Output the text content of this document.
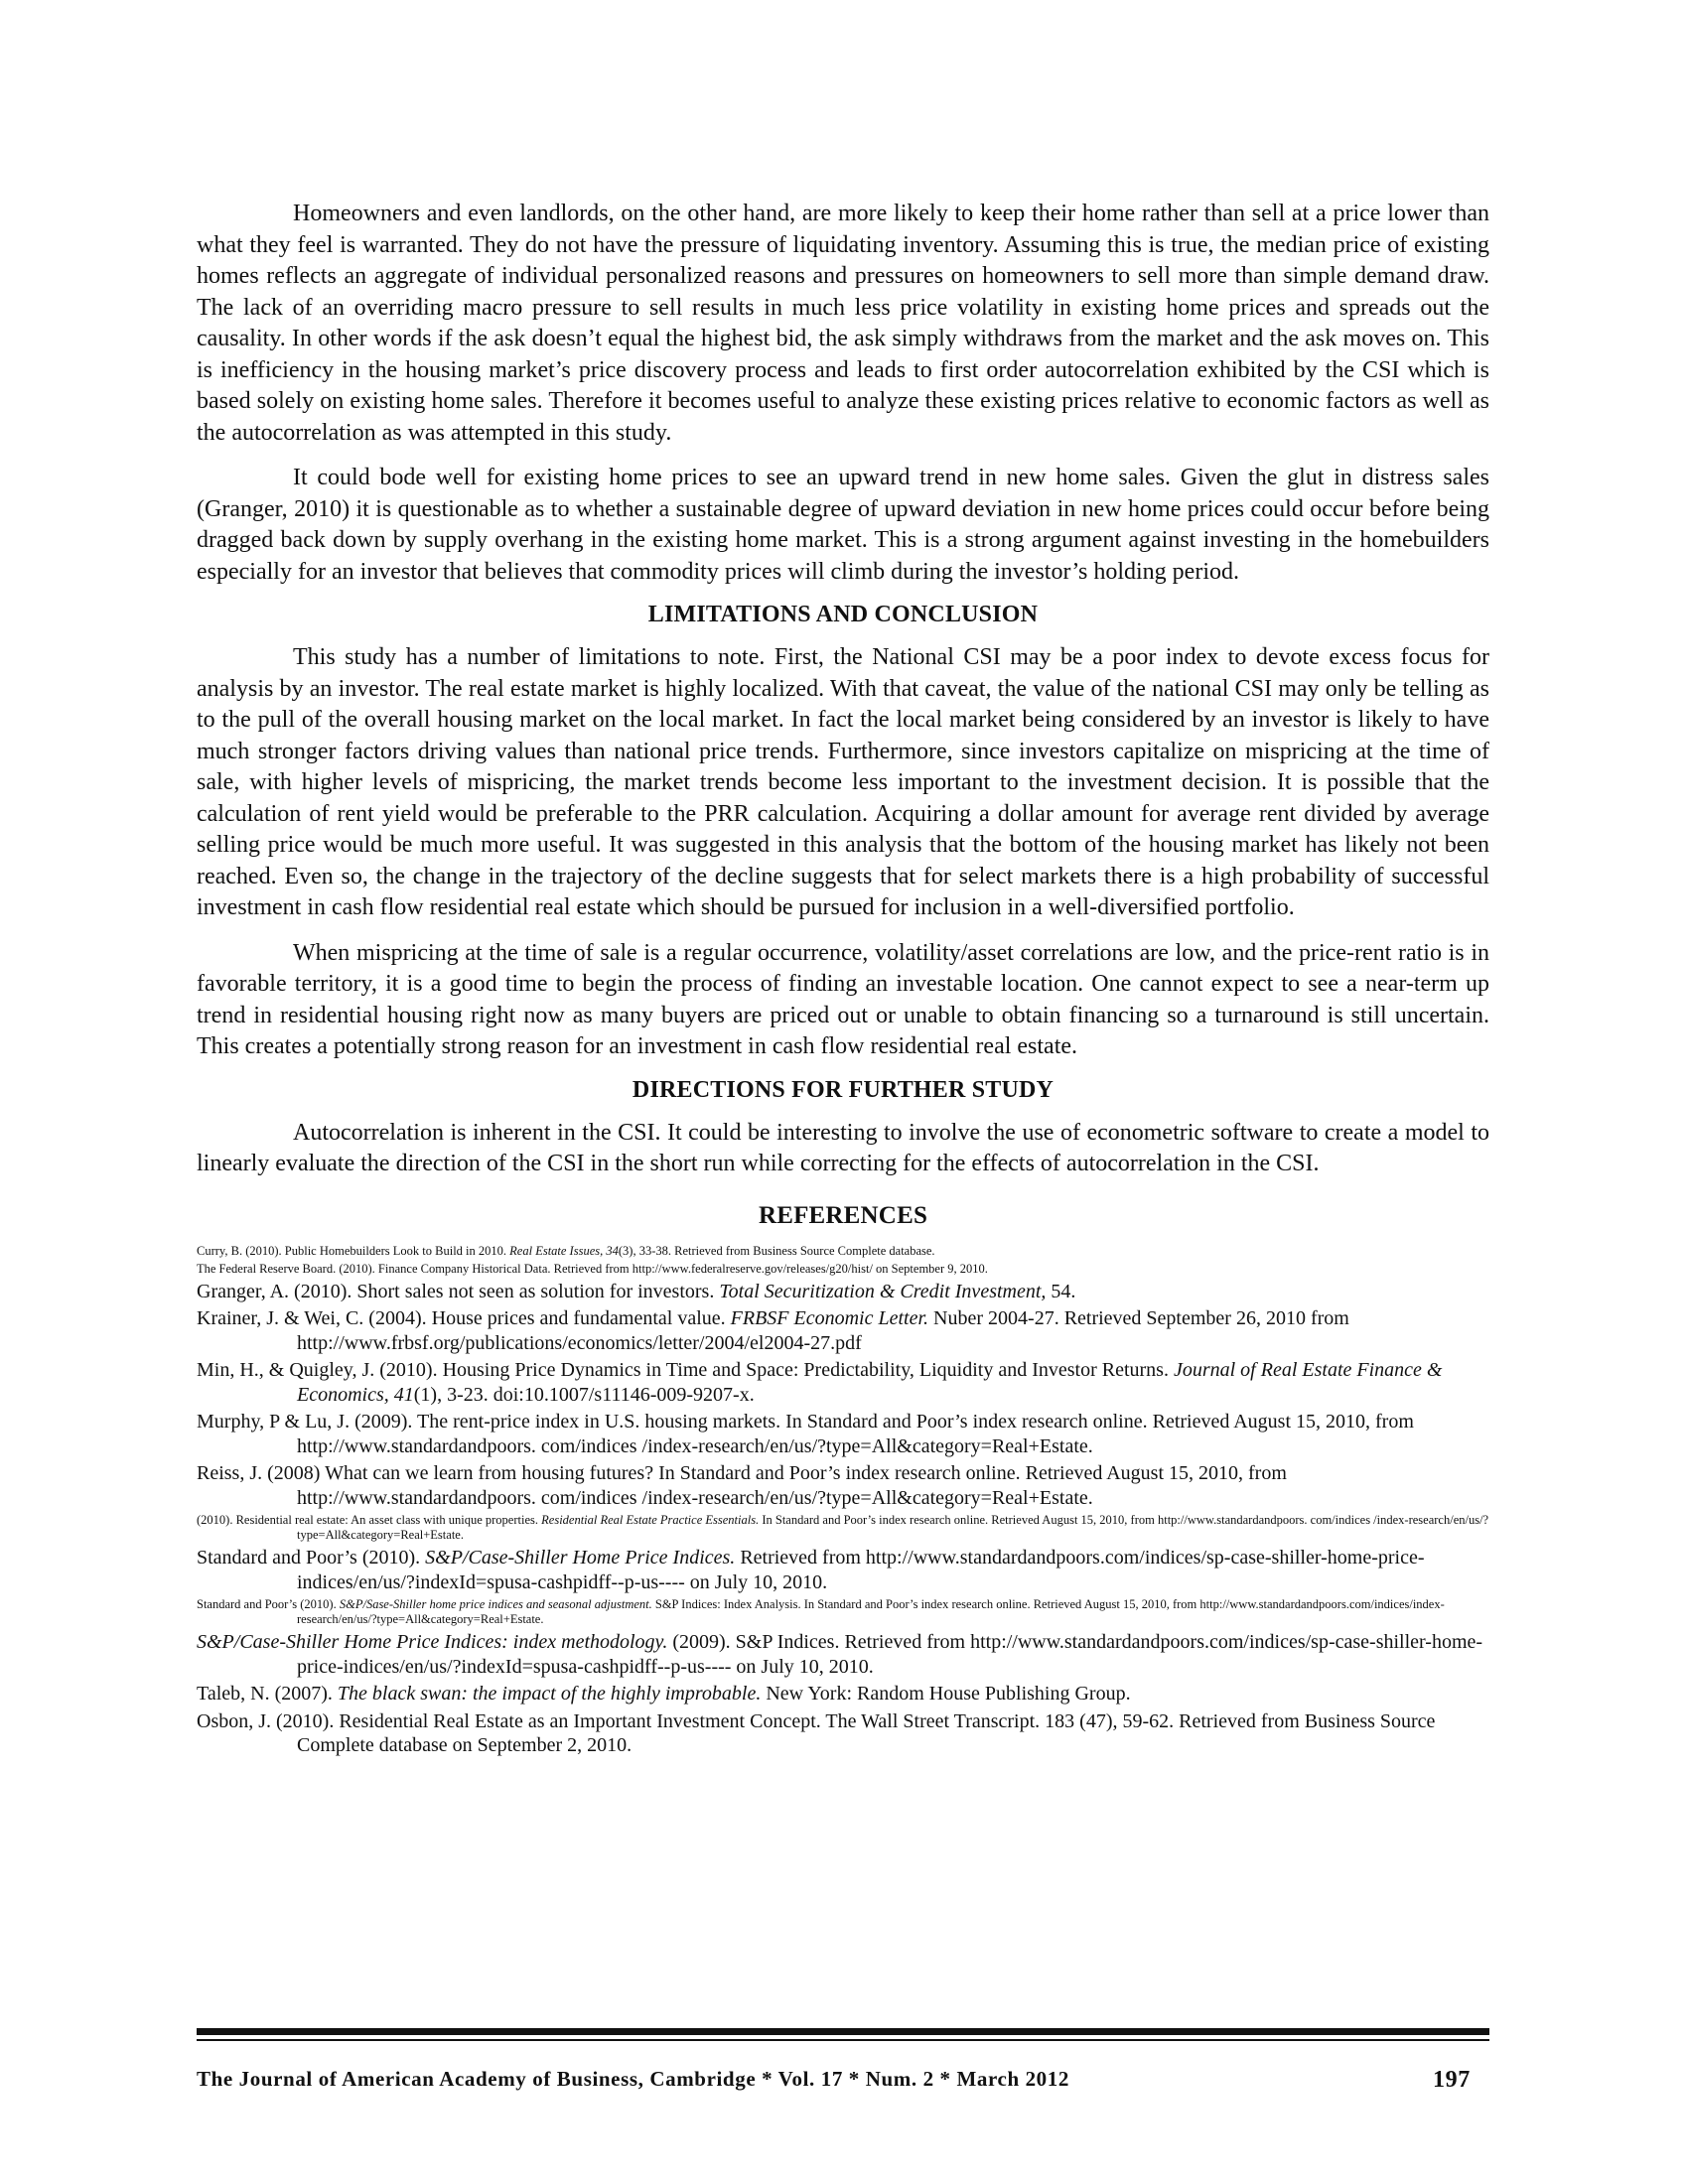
Homeowners and even landlords, on the other hand, are more likely to keep their home rather than sell at a price lower than what they feel is warranted. They do not have the pressure of liquidating inventory. Assuming this is true, the median price of existing homes reflects an aggregate of individual personalized reasons and pressures on homeowners to sell more than simple demand draw. The lack of an overriding macro pressure to sell results in much less price volatility in existing home prices and spreads out the causality. In other words if the ask doesn’t equal the highest bid, the ask simply withdraws from the market and the ask moves on. This is inefficiency in the housing market’s price discovery process and leads to first order autocorrelation exhibited by the CSI which is based solely on existing home sales. Therefore it becomes useful to analyze these existing prices relative to economic factors as well as the autocorrelation as was attempted in this study.

It could bode well for existing home prices to see an upward trend in new home sales. Given the glut in distress sales (Granger, 2010) it is questionable as to whether a sustainable degree of upward deviation in new home prices could occur before being dragged back down by supply overhang in the existing home market. This is a strong argument against investing in the homebuilders especially for an investor that believes that commodity prices will climb during the investor’s holding period.

LIMITATIONS AND CONCLUSION

This study has a number of limitations to note. First, the National CSI may be a poor index to devote excess focus for analysis by an investor. The real estate market is highly localized. With that caveat, the value of the national CSI may only be telling as to the pull of the overall housing market on the local market. In fact the local market being considered by an investor is likely to have much stronger factors driving values than national price trends. Furthermore, since investors capitalize on mispricing at the time of sale, with higher levels of mispricing, the market trends become less important to the investment decision. It is possible that the calculation of rent yield would be preferable to the PRR calculation. Acquiring a dollar amount for average rent divided by average selling price would be much more useful. It was suggested in this analysis that the bottom of the housing market has likely not been reached. Even so, the change in the trajectory of the decline suggests that for select markets there is a high probability of successful investment in cash flow residential real estate which should be pursued for inclusion in a well-diversified portfolio.

When mispricing at the time of sale is a regular occurrence, volatility/asset correlations are low, and the price-rent ratio is in favorable territory, it is a good time to begin the process of finding an investable location. One cannot expect to see a near-term up trend in residential housing right now as many buyers are priced out or unable to obtain financing so a turnaround is still uncertain. This creates a potentially strong reason for an investment in cash flow residential real estate.

DIRECTIONS FOR FURTHER STUDY

Autocorrelation is inherent in the CSI. It could be interesting to involve the use of econometric software to create a model to linearly evaluate the direction of the CSI in the short run while correcting for the effects of autocorrelation in the CSI.

REFERENCES
Curry, B. (2010). Public Homebuilders Look to Build in 2010. Real Estate Issues, 34(3), 33-38. Retrieved from Business Source Complete database.
The Federal Reserve Board. (2010). Finance Company Historical Data. Retrieved from http://www.federalreserve.gov/releases/g20/hist/ on September 9, 2010.
Granger, A. (2010). Short sales not seen as solution for investors. Total Securitization & Credit Investment, 54.
Krainer, J. & Wei, C. (2004). House prices and fundamental value. FRBSF Economic Letter. Nuber 2004-27. Retrieved September 26, 2010 from http://www.frbsf.org/publications/economics/letter/2004/el2004-27.pdf
Min, H., & Quigley, J. (2010). Housing Price Dynamics in Time and Space: Predictability, Liquidity and Investor Returns. Journal of Real Estate Finance & Economics, 41(1), 3-23. doi:10.1007/s11146-009-9207-x.
Murphy, P & Lu, J. (2009). The rent-price index in U.S. housing markets. In Standard and Poor’s index research online. Retrieved August 15, 2010, from http://www.standardandpoors. com/indices /index-research/en/us/?type=All&category=Real+Estate.
Reiss, J. (2008) What can we learn from housing futures? In Standard and Poor’s index research online. Retrieved August 15, 2010, from http://www.standardandpoors. com/indices /index-research/en/us/?type=All&category=Real+Estate.
(2010). Residential real estate: An asset class with unique properties. Residential Real Estate Practice Essentials. In Standard and Poor’s index research online. Retrieved August 15, 2010, from http://www.standardandpoors. com/indices /index-research/en/us/?type=All&category=Real+Estate.
Standard and Poor’s (2010). S&P/Case-Shiller Home Price Indices. Retrieved from http://www.standardandpoors.com/indices/sp-case-shiller-home-price-indices/en/us/?indexId=spusa-cashpidff--p-us---- on July 10, 2010.
Standard and Poor’s (2010). S&P/Sase-Shiller home price indices and seasonal adjustment. S&P Indices: Index Analysis. In Standard and Poor’s index research online. Retrieved August 15, 2010, from http://www.standardandpoors.com/indices/index-research/en/us/?type=All&category=Real+Estate.
S&P/Case-Shiller Home Price Indices: index methodology. (2009). S&P Indices. Retrieved from http://www.standardandpoors.com/indices/sp-case-shiller-home-price-indices/en/us/?indexId=spusa-cashpidff--p-us---- on July 10, 2010.
Taleb, N. (2007). The black swan: the impact of the highly improbable. New York: Random House Publishing Group.
Osbon, J. (2010). Residential Real Estate as an Important Investment Concept. The Wall Street Transcript. 183 (47), 59-62. Retrieved from Business Source Complete database on September 2, 2010.
The Journal of American Academy of Business, Cambridge * Vol. 17 * Num. 2 * March 2012	197
